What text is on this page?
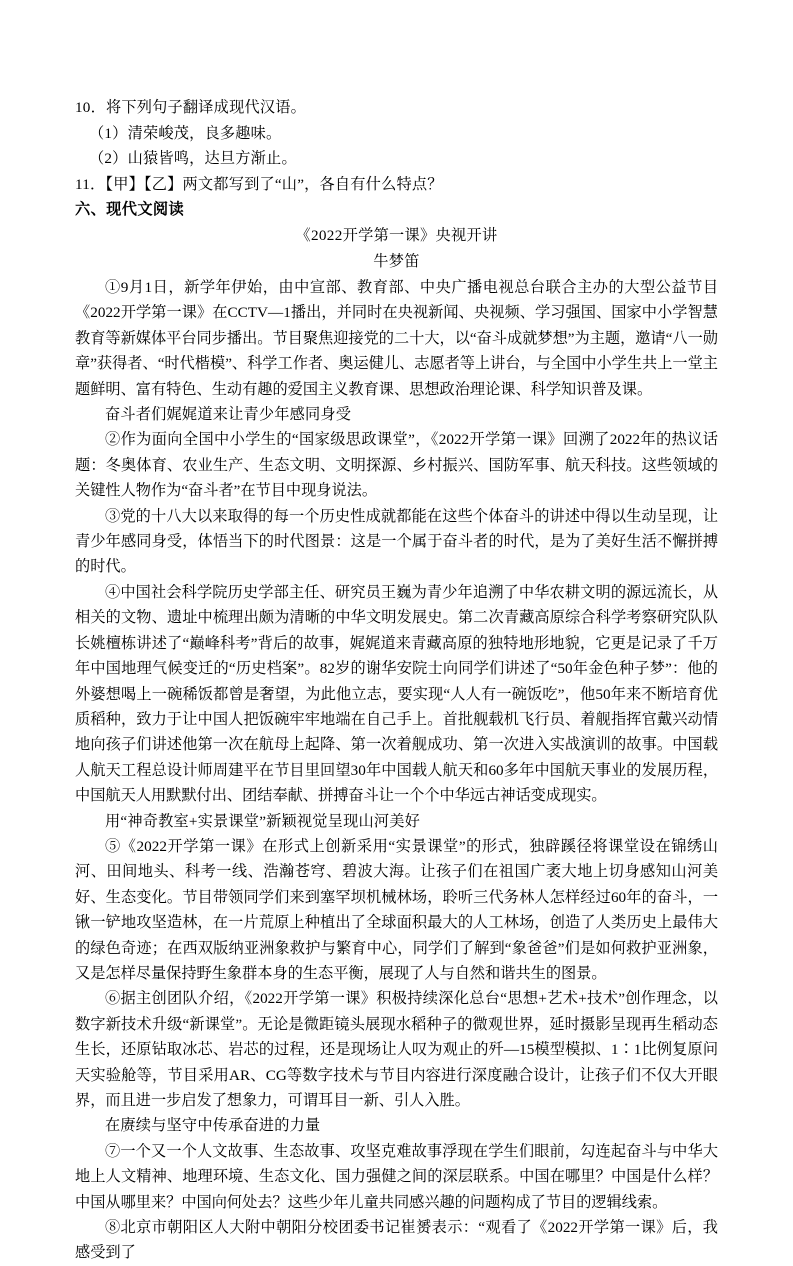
10．将下列句子翻译成现代汉语。

（1）清荣峻茂，良多趣味。

（2）山猿皆鸣，达旦方渐止。

11．【甲】【乙】两文都写到了“山”，各自有什么特点？

六、现代文阅读

《2022开学第一课》央视开讲

牛梦笛

①9月1日，新学年伊始，由中宣部、教育部、中央广播电视总台联合主办的大型公益节目《2022开学第一课》在CCTV—1播出，并同时在央视新闻、央视频、学习强国、国家中小学智慧教育等新媒体平台同步播出。节目聚焦迎接党的二十大，以“奋斗成就梦想”为主题，邀请“八一勋章”获得者、“时代楷模”、科学工作者、奥运健儿、志愿者等上讲台，与全国中小学生共上一堂主题鲜明、富有特色、生动有趣的爱国主义教育课、思想政治理论课、科学知识普及课。

奋斗者们娓娓道来让青少年感同身受

②作为面向全国中小学生的“国家级思政课堂”，《2022开学第一课》回溯了2022年的热议话题：冬奥体育、农业生产、生态文明、文明探源、乡村振兴、国防军事、航天科技。这些领域的关键性人物作为“奋斗者”在节目中现身说法。

③党的十八大以来取得的每一个历史性成就都能在这些个体奋斗的讲述中得以生动呈现，让青少年感同身受，体悟当下的时代图景：这是一个属于奋斗者的时代，是为了美好生活不懈拼搏的时代。

④中国社会科学院历史学部主任、研究员王巍为青少年追溯了中华农耕文明的源远流长，从相关的文物、遗址中梳理出颇为清晰的中华文明发展史。第二次青藏高原综合科学考察研究队队长姚檀栋讲述了“巅峰科考”背后的故事，娓娓道来青藏高原的独特地形地貌，它更是记录了千万年中国地理气候变迁的“历史档案”。82岁的谢华安院士向同学们讲述了“50年金色种子梦”：他的外婆想喝上一碗稀饭都曾是奢望，为此他立志，要实现“人人有一碗饭吃”，他50年来不断培育优质稻种，致力于让中国人把饭碗牢牢地端在自己手上。首批舰载机飞行员、着舰指挥官戴兴动情地向孩子们讲述他第一次在航母上起降、第一次着舰成功、第一次进入实战演训的故事。中国载人航天工程总设计师周建平在节目里回望30年中国载人航天和60多年中国航天事业的发展历程，中国航天人用默默付出、团结奉献、拼搏奋斗让一个个中华远古神话变成现实。

用“神奇教室+实景课堂”新颖视觉呈现山河美好

⑤《2022开学第一课》在形式上创新采用“实景课堂”的形式，独辟蹊径将课堂设在锦绣山河、田间地头、科考一线、浩瀚苍穹、碧波大海。让孩子们在祖国广袤大地上切身感知山河美好、生态变化。节目带领同学们来到塞罕坝机械林场，聆听三代务林人怎样经过60年的奋斗，一锹一铲地攻坚造林，在一片荒原上种植出了全球面积最大的人工林场，创造了人类历史上最伟大的绿色奇迹；在西双版纳亚洲象救护与繁育中心，同学们了解到“象爸爸”们是如何救护亚洲象，又是怎样尽量保持野生象群本身的生态平衡，展现了人与自然和谐共生的图景。

⑥据主创团队介绍，《2022开学第一课》积极持续深化总台“思想+艺术+技术”创作理念，以数字新技术升级“新课堂”。无论是微距镜头展现水稻种子的微观世界，延时摄影呈现再生稻动态生长，还原钻取冰芯、岩芯的过程，还是现场让人叹为观止的歼—15模型模拟、1∶1比例复原问天实验舱等，节目采用AR、CG等数字技术与节目内容进行深度融合设计，让孩子们不仅大开眼界，而且进一步启发了想象力，可谓耳目一新、引人入胜。

在赓续与坚守中传承奋进的力量

⑦一个又一个人文故事、生态故事、攻坚克难故事浮现在学生们眼前，勾连起奋斗与中华大地上人文精神、地理环境、生态文化、国力强健之间的深层联系。中国在哪里？中国是什么样？中国从哪里来？中国向何处去？这些少年儿童共同感兴趣的问题构成了节目的逻辑线索。

⑧北京市朝阳区人大附中朝阳分校团委书记崔赟表示：“观看了《2022开学第一课》后，我感受到了
